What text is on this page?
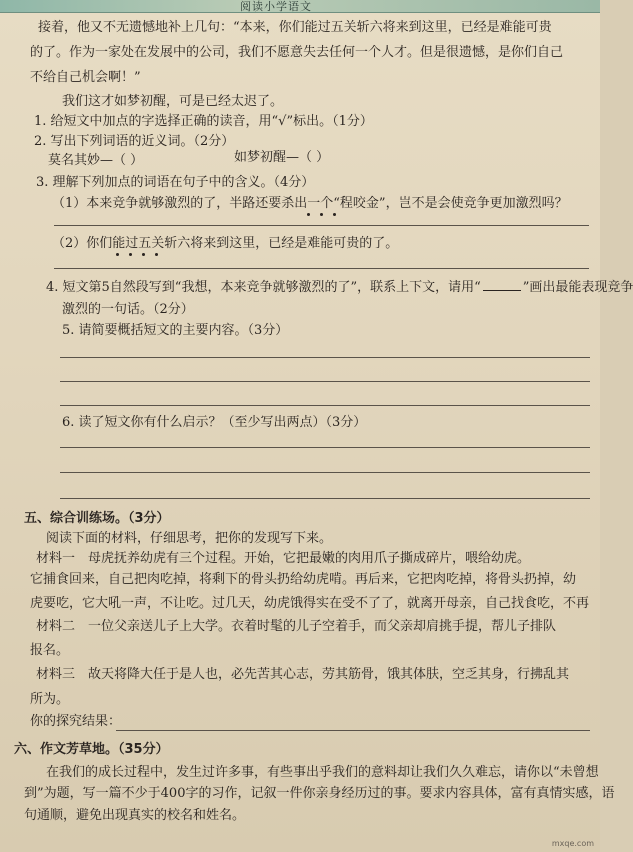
阅读小学语文
接着，他又不无遗憾地补上几句：“本来，你们能过五关斩六将来到这里，已经是难能可贵
的了。作为一家处在发展中的公司，我们不愿意失去任何一个人才。但是很遗憾，是你们自己
不给自己机会啊！”
我们这才如梦初醒，可是已经太迟了。
1. 给短文中加点的字选择正确的读音，用“√”标出。（1分）
2. 写出下列词语的近义词。（2分）
莫名其妙—（ ）	如梦初醒—（ ）
3. 理解下列加点的词语在句子中的含义。（4分）
（1）本来竞争就够激烈的了，半路还要杀出一个“程咬金”，岂不是会使竞争更加激烈吗？
（2）你们能过五关斩六将来到这里，已经是难能可贵的了。
4. 短文第5自然段写到“我想，本来竞争就够激烈的了”，联系上下文，请用“	”画出最能表现竞争
激烈的一句话。（2分）
5. 请简要概括短文的主要内容。（3分）
6. 读了短文你有什么启示？（至少写出两点）（3分）
五、综合训练场。（3分）
阅读下面的材料，仔细思考，把你的发现写下来。
材料一　母虎抚养幼虎有三个过程。开始，它把最嫩的肉用爪子撕成碎片，喂给幼虎。
它捕食回来，自己把肉吃掉，将剩下的骨头扔给幼虎啃。再后来，它把肉吃掉，将骨头扔掉，幼
虎要吃，它大吼一声，不让吃。过几天，幼虎饿得实在受不了了，就离开母亲，自己找食吃，不再
材料二　一位父亲送儿子上大学。衣着时髦的儿子空着手，而父亲却肩挑手提，帮儿子排队
报名。
材料三　故天将降大任于是人也，必先苦其心志，劳其筋骨，饿其体肤，空乏其身，行拂乱其
所为。
你的探究结果：
六、作文芳草地。（35分）
在我们的成长过程中，发生过许多事，有些事出乎我们的意料却让我们久久难忘，请你以“未曾想
到”为题，写一篇不少于400字的习作，记叙一件你亲身经历过的事。要求内容具体，富有真情实感，语
句通顺，避免出现真实的校名和姓名。
mxqe.com
